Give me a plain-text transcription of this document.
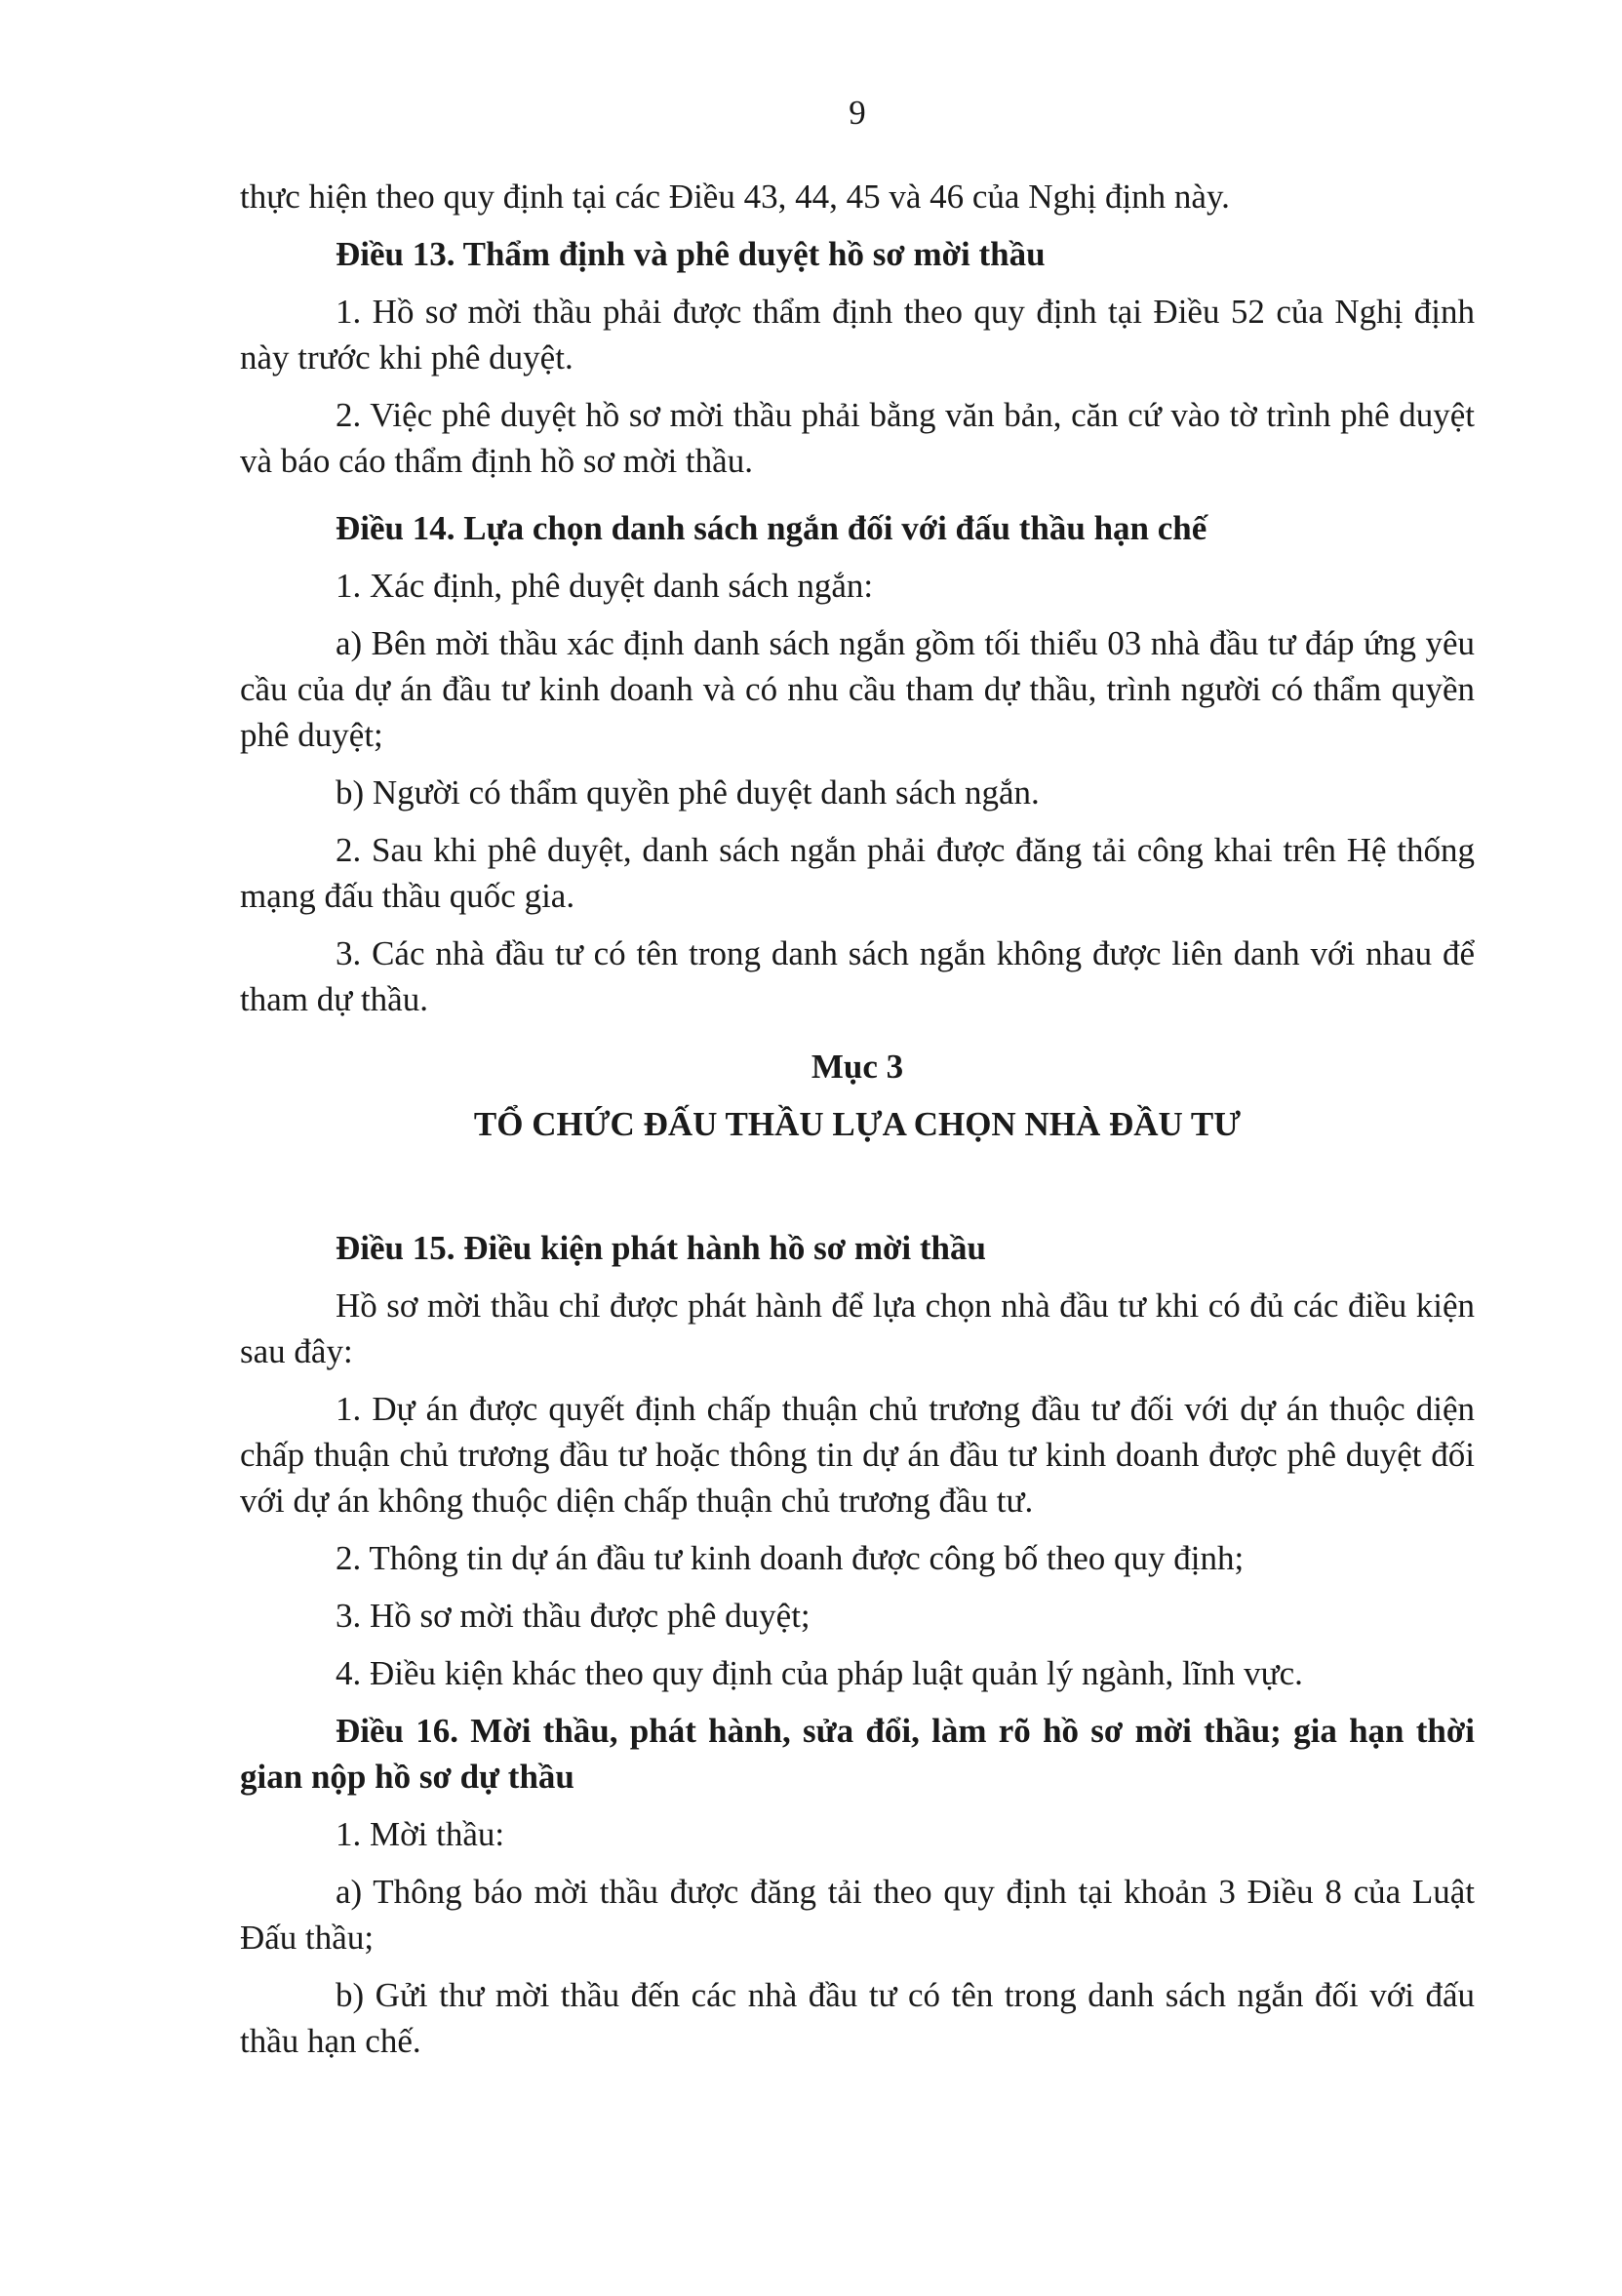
9

thực hiện theo quy định tại các Điều 43, 44, 45 và 46 của Nghị định này.

Điều 13. Thẩm định và phê duyệt hồ sơ mời thầu

1. Hồ sơ mời thầu phải được thẩm định theo quy định tại Điều 52 của Nghị định này trước khi phê duyệt.

2. Việc phê duyệt hồ sơ mời thầu phải bằng văn bản, căn cứ vào tờ trình phê duyệt và báo cáo thẩm định hồ sơ mời thầu.

Điều 14. Lựa chọn danh sách ngắn đối với đấu thầu hạn chế

1. Xác định, phê duyệt danh sách ngắn:

a) Bên mời thầu xác định danh sách ngắn gồm tối thiểu 03 nhà đầu tư đáp ứng yêu cầu của dự án đầu tư kinh doanh và có nhu cầu tham dự thầu, trình người có thẩm quyền phê duyệt;

b) Người có thẩm quyền phê duyệt danh sách ngắn.

2. Sau khi phê duyệt, danh sách ngắn phải được đăng tải công khai trên Hệ thống mạng đấu thầu quốc gia.

3. Các nhà đầu tư có tên trong danh sách ngắn không được liên danh với nhau để tham dự thầu.

Mục 3

TỔ CHỨC ĐẤU THẦU LỰA CHỌN NHÀ ĐẦU TƯ

Điều 15. Điều kiện phát hành hồ sơ mời thầu

Hồ sơ mời thầu chỉ được phát hành để lựa chọn nhà đầu tư khi có đủ các điều kiện sau đây:

1. Dự án được quyết định chấp thuận chủ trương đầu tư đối với dự án thuộc diện chấp thuận chủ trương đầu tư hoặc thông tin dự án đầu tư kinh doanh được phê duyệt đối với dự án không thuộc diện chấp thuận chủ trương đầu tư.

2. Thông tin dự án đầu tư kinh doanh được công bố theo quy định;

3. Hồ sơ mời thầu được phê duyệt;

4. Điều kiện khác theo quy định của pháp luật quản lý ngành, lĩnh vực.

Điều 16. Mời thầu, phát hành, sửa đổi, làm rõ hồ sơ mời thầu; gia hạn thời gian nộp hồ sơ dự thầu

1. Mời thầu:

a) Thông báo mời thầu được đăng tải theo quy định tại khoản 3 Điều 8 của Luật Đấu thầu;

b) Gửi thư mời thầu đến các nhà đầu tư có tên trong danh sách ngắn đối với đấu thầu hạn chế.
